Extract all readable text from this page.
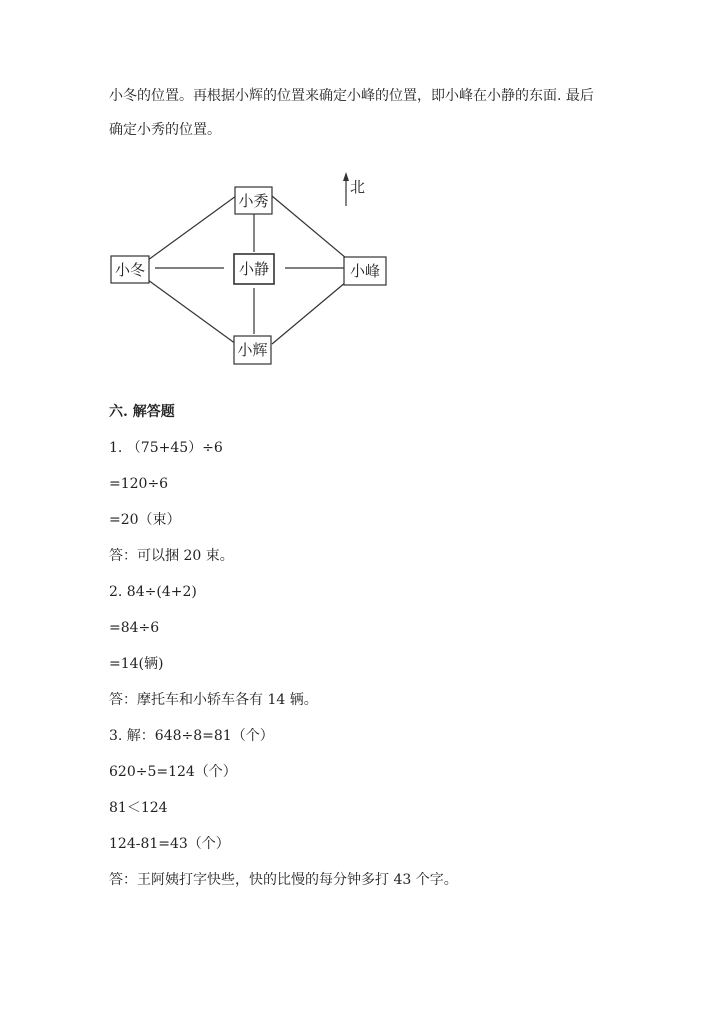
小冬的位置。再根据小辉的位置来确定小峰的位置，即小峰在小静的东面. 最后
确定小秀的位置。
北
小秀
小冬	小静	小峰
小辉
六. 解答题
1. （75+45）÷6
=120÷6
=20（束）
答：可以捆 20 束。
2. 84÷(4+2)
=84÷6
=14(辆)
答：摩托车和小轿车各有 14 辆。
3. 解：648÷8=81（个）
620÷5=124（个）
81＜124
124-81=43（个）
答：王阿姨打字快些，快的比慢的每分钟多打 43 个字。
